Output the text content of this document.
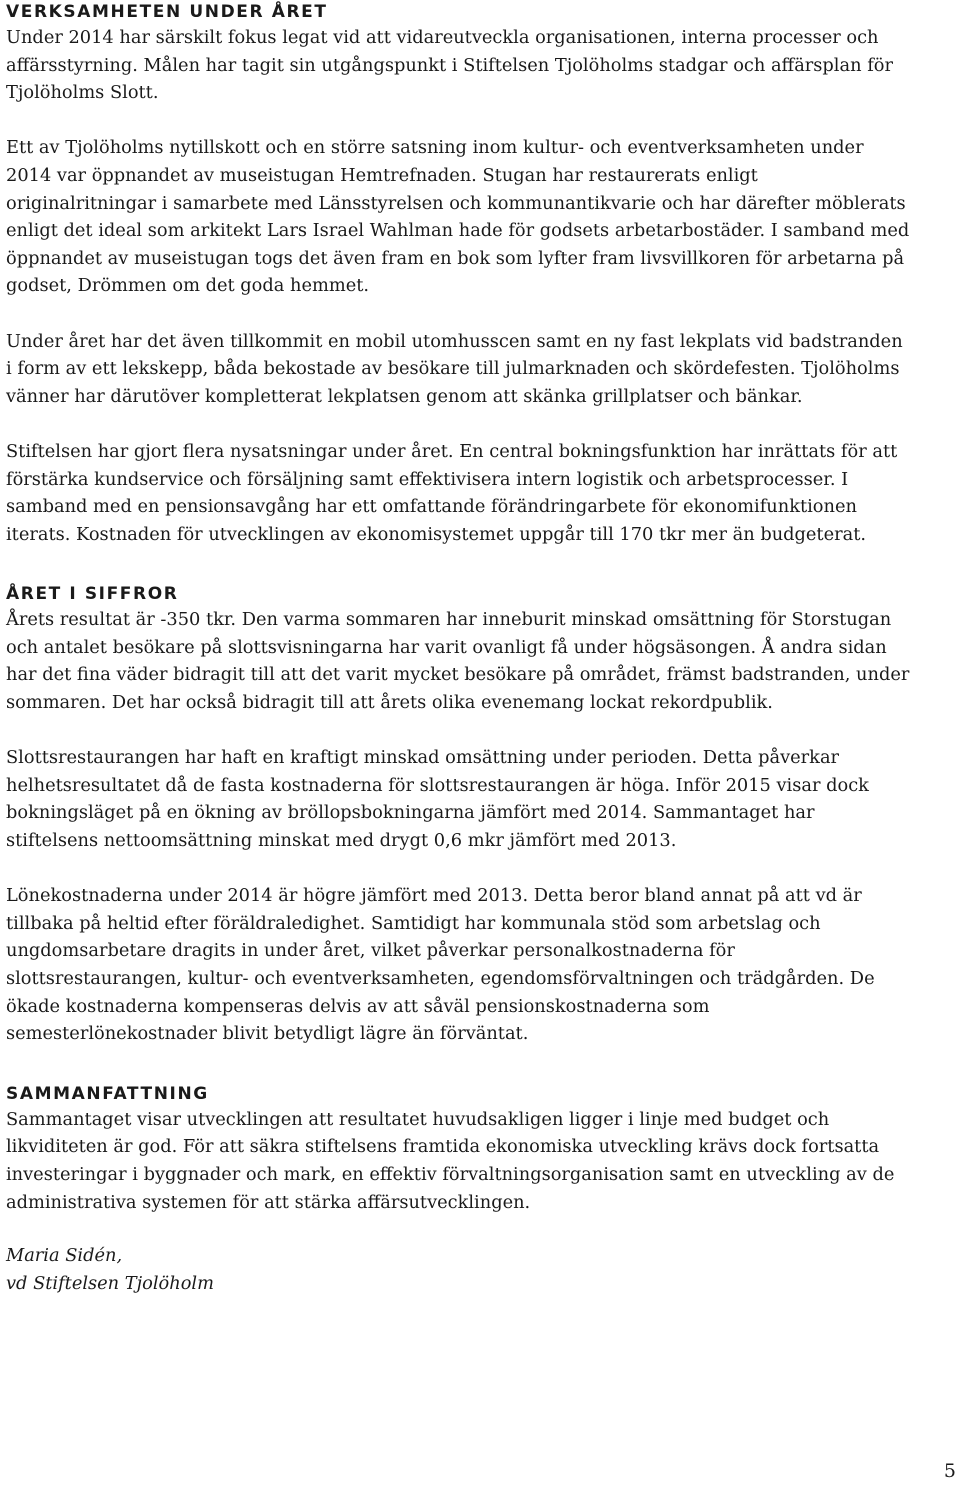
VERKSAMHETEN UNDER ÅRET

Under 2014 har särskilt fokus legat vid att vidareutveckla organisationen, interna processer och affärsstyrning. Målen har tagit sin utgångspunkt i Stiftelsen Tjolöholms stadgar och affärsplan för Tjolöholms Slott.

Ett av Tjolöholms nytillskott och en större satsning inom kultur- och eventverksamheten under 2014 var öppnandet av museistugan Hemtrefnaden. Stugan har restaurerats enligt originalritningar i samarbete med Länsstyrelsen och kommunantikvarie och har därefter möblerats enligt det ideal som arkitekt Lars Israel Wahlman hade för godsets arbetarbostäder. I samband med öppnandet av museistugan togs det även fram en bok som lyfter fram livsvillkoren för arbetarna på godset, Drömmen om det goda hemmet.

Under året har det även tillkommit en mobil utomhusscen samt en ny fast lekplats vid badstranden i form av ett lekskepp, båda bekostade av besökare till julmarknaden och skördefesten. Tjolöholms vänner har därutöver kompletterat lekplatsen genom att skänka grillplatser och bänkar.

Stiftelsen har gjort flera nysatsningar under året. En central bokningsfunktion har inrättats för att förstärka kundservice och försäljning samt effektivisera intern logistik och arbetsprocesser. I samband med en pensionsavgång har ett omfattande förändringarbete för ekonomifunktionen iterats. Kostnaden för utvecklingen av ekonomisystemet uppgår till 170 tkr mer än budgeterat.

ÅRET I SIFFROR

Årets resultat är -350 tkr. Den varma sommaren har inneburit minskad omsättning för Storstugan och antalet besökare på slottsvisningarna har varit ovanligt få under högsäsongen. Å andra sidan har det fina väder bidragit till att det varit mycket besökare på området, främst badstranden, under sommaren. Det har också bidragit till att årets olika evenemang lockat rekordpublik.

Slottsrestaurangen har haft en kraftigt minskad omsättning under perioden. Detta påverkar helhetsresultatet då de fasta kostnaderna för slottsrestaurangen är höga. Inför 2015 visar dock bokningsläget på en ökning av bröllopsbokningarna jämfört med 2014. Sammantaget har stiftelsens nettoomsättning minskat med drygt 0,6 mkr jämfört med 2013.

Lönekostnaderna under 2014 är högre jämfört med 2013. Detta beror bland annat på att vd är tillbaka på heltid efter föräldraledighet. Samtidigt har kommunala stöd som arbetslag och ungdomsarbetare dragits in under året, vilket påverkar personalkostnaderna för slottsrestaurangen, kultur- och eventverksamheten, egendomsförvaltningen och trädgården. De ökade kostnaderna kompenseras delvis av att såväl pensionskostnaderna som semesterlönekostnader blivit betydligt lägre än förväntat.

SAMMANFATTNING

Sammantaget visar utvecklingen att resultatet huvudsakligen ligger i linje med budget och likviditeten är god. För att säkra stiftelsens framtida ekonomiska utveckling krävs dock fortsatta investeringar i byggnader och mark, en effektiv förvaltningsorganisation samt en utveckling av de administrativa systemen för att stärka affärsutvecklingen.

Maria Sidén,
vd Stiftelsen Tjolöholm
5
